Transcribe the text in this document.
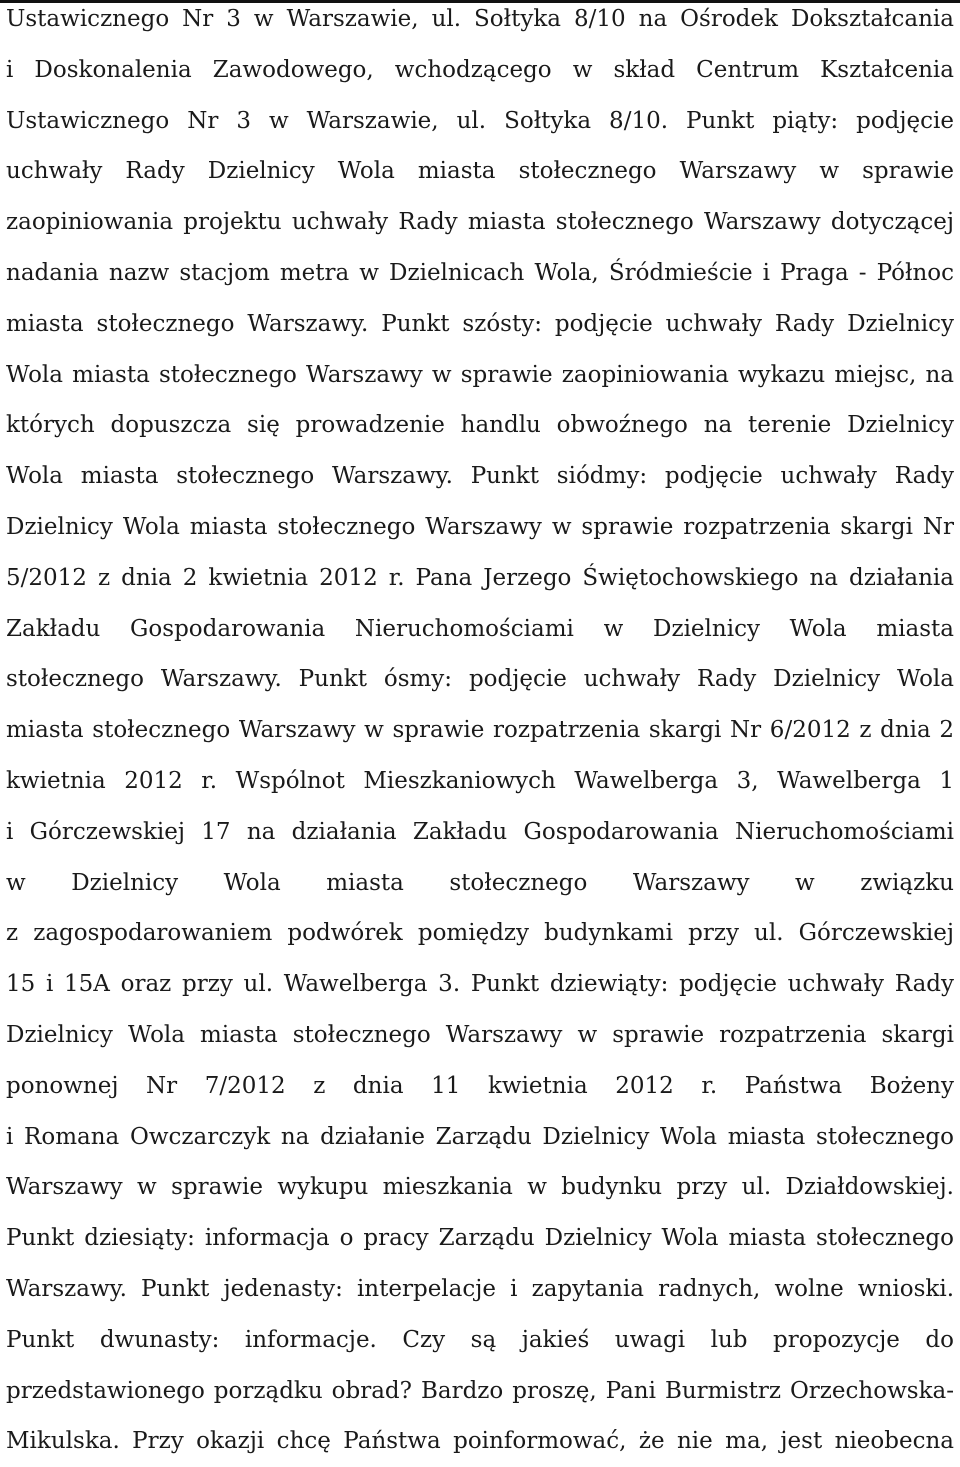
Ustawicznego Nr 3 w Warszawie, ul. Sołtyka 8/10 na Ośrodek Dokształcania
i Doskonalenia Zawodowego, wchodzącego w skład Centrum Kształcenia
Ustawicznego Nr 3 w Warszawie, ul. Sołtyka 8/10. Punkt piąty: podjęcie
uchwały Rady Dzielnicy Wola miasta stołecznego Warszawy w sprawie
zaopiniowania projektu uchwały Rady miasta stołecznego Warszawy dotyczącej
nadania nazw stacjom metra w Dzielnicach Wola, Śródmieście i Praga - Północ
miasta stołecznego Warszawy. Punkt szósty: podjęcie uchwały Rady Dzielnicy
Wola miasta stołecznego Warszawy w sprawie zaopiniowania wykazu miejsc, na
których dopuszcza się prowadzenie handlu obwoźnego na terenie Dzielnicy
Wola miasta stołecznego Warszawy. Punkt siódmy: podjęcie uchwały Rady
Dzielnicy Wola miasta stołecznego Warszawy w sprawie rozpatrzenia skargi Nr
5/2012 z dnia 2 kwietnia 2012 r. Pana Jerzego Świętochowskiego na działania
Zakładu Gospodarowania Nieruchomościami w Dzielnicy Wola miasta
stołecznego Warszawy. Punkt ósmy: podjęcie uchwały Rady Dzielnicy Wola
miasta stołecznego Warszawy w sprawie rozpatrzenia skargi Nr 6/2012 z dnia 2
kwietnia 2012 r. Wspólnot Mieszkaniowych Wawelberga 3, Wawelberga 1
i Górczewskiej 17 na działania Zakładu Gospodarowania Nieruchomościami
w Dzielnicy Wola miasta stołecznego Warszawy w związku
z zagospodarowaniem podwórek pomiędzy budynkami przy ul. Górczewskiej
15 i 15A oraz przy ul. Wawelberga 3. Punkt dziewiąty: podjęcie uchwały Rady
Dzielnicy Wola miasta stołecznego Warszawy w sprawie rozpatrzenia skargi
ponownej Nr 7/2012 z dnia 11 kwietnia 2012 r. Państwa Bożeny
i Romana Owczarczyk na działanie Zarządu Dzielnicy Wola miasta stołecznego
Warszawy w sprawie wykupu mieszkania w budynku przy ul. Działdowskiej.
Punkt dziesiąty: informacja o pracy Zarządu Dzielnicy Wola miasta stołecznego
Warszawy. Punkt jedenasty: interpelacje i zapytania radnych, wolne wnioski.
Punkt dwunasty: informacje. Czy są jakieś uwagi lub propozycje do
przedstawionego porządku obrad? Bardzo proszę, Pani Burmistrz Orzechowska-
Mikulska. Przy okazji chcę Państwa poinformować, że nie ma, jest nieobecna
